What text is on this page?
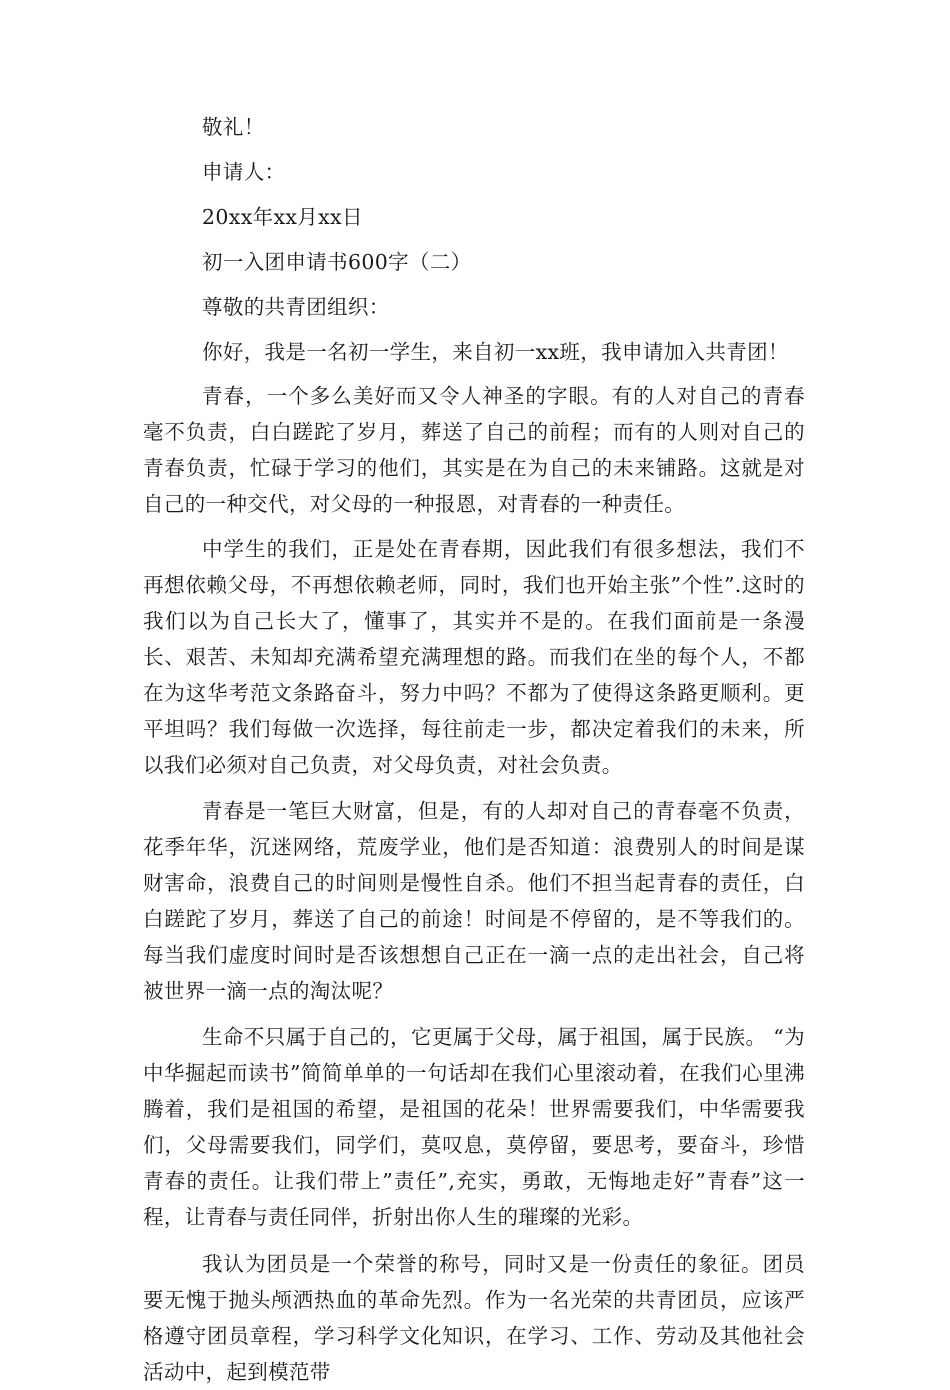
敬礼！

申请人：

20xx年xx月xx日

初一入团申请书600字（二）

尊敬的共青团组织：

你好，我是一名初一学生，来自初一xx班，我申请加入共青团！

青春，一个多么美好而又令人神圣的字眼。有的人对自己的青春毫不负责，白白蹉跎了岁月，葬送了自己的前程；而有的人则对自己的青春负责，忙碌于学习的他们，其实是在为自己的未来铺路。这就是对自己的一种交代，对父母的一种报恩，对青春的一种责任。

中学生的我们，正是处在青春期，因此我们有很多想法，我们不再想依赖父母，不再想依赖老师，同时，我们也开始主张”个性”.这时的我们以为自己长大了，懂事了，其实并不是的。在我们面前是一条漫长、艰苦、未知却充满希望充满理想的路。而我们在坐的每个人，不都在为这华考范文条路奋斗，努力中吗？不都为了使得这条路更顺利。更平坦吗？我们每做一次选择，每往前走一步，都决定着我们的未来，所以我们必须对自己负责，对父母负责，对社会负责。

青春是一笔巨大财富，但是，有的人却对自己的青春毫不负责，花季年华，沉迷网络，荒废学业，他们是否知道：浪费别人的时间是谋财害命，浪费自己的时间则是慢性自杀。他们不担当起青春的责任，白白蹉跎了岁月，葬送了自己的前途！时间是不停留的，是不等我们的。每当我们虚度时间时是否该想想自己正在一滴一点的走出社会，自己将被世界一滴一点的淘汰呢？

生命不只属于自己的，它更属于父母，属于祖国，属于民族。 “为中华掘起而读书”简简单单的一句话却在我们心里滚动着，在我们心里沸腾着，我们是祖国的希望，是祖国的花朵！世界需要我们，中华需要我们，父母需要我们，同学们，莫叹息，莫停留，要思考，要奋斗，珍惜青春的责任。让我们带上”责任”,充实，勇敢，无悔地走好”青春”这一程，让青春与责任同伴，折射出你人生的璀璨的光彩。

我认为团员是一个荣誉的称号，同时又是一份责任的象征。团员要无愧于抛头颅洒热血的革命先烈。作为一名光荣的共青团员，应该严格遵守团员章程，学习科学文化知识，在学习、工作、劳动及其他社会活动中，起到模范带
